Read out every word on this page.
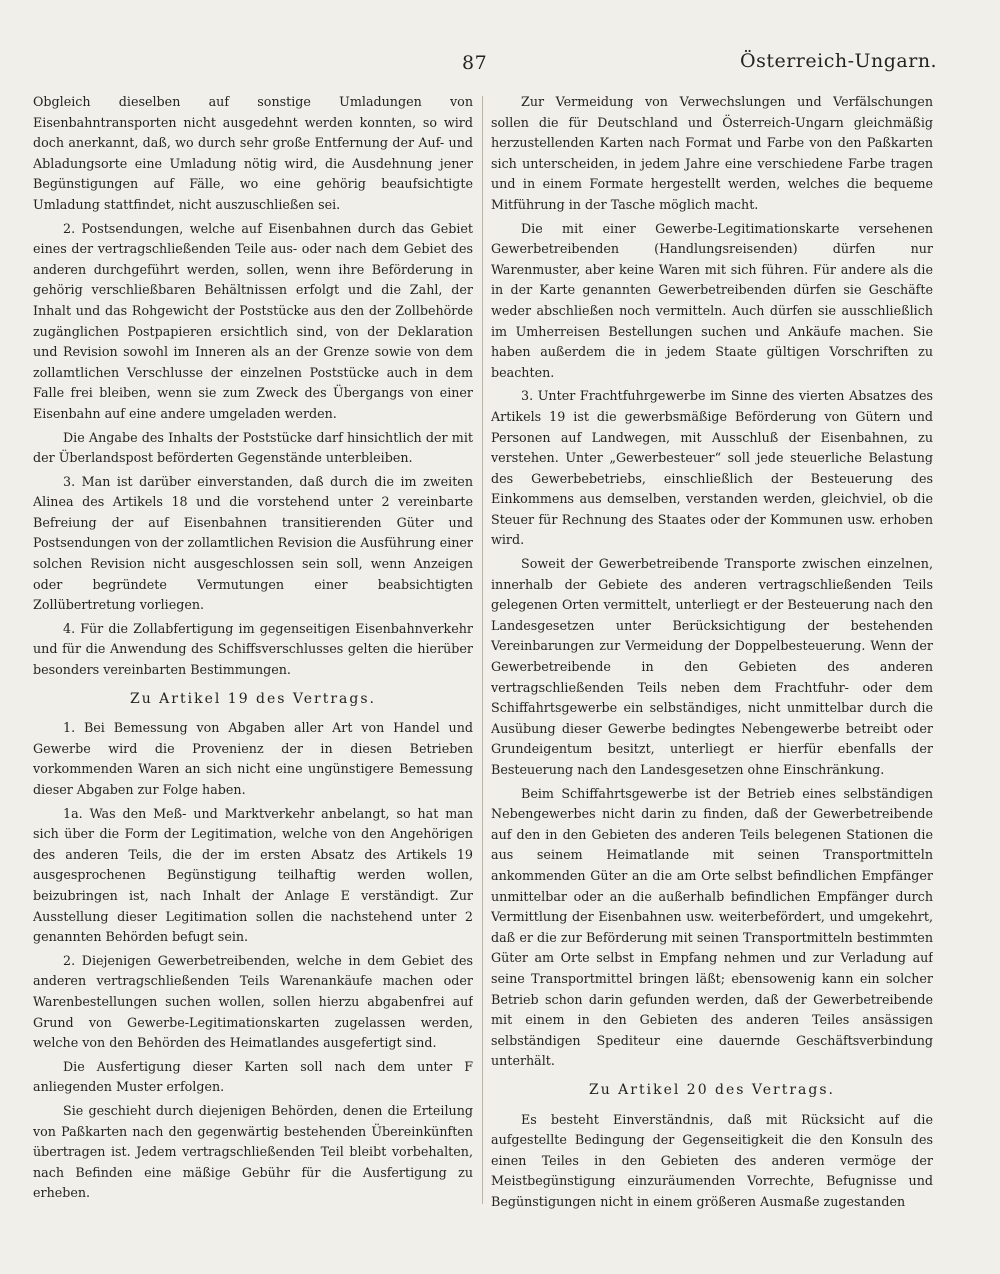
87	Österreich-Ungarn.

Obgleich dieselben auf sonstige Umladungen von Eisenbahntransporten nicht ausgedehnt werden konnten, so wird doch anerkannt, daß, wo durch sehr große Entfernung der Auf- und Abladungsorte eine Umladung nötig wird, die Ausdehnung jener Begünstigungen auf Fälle, wo eine gehörig beaufsichtigte Umladung stattfindet, nicht auszuschließen sei.

2. Postsendungen, welche auf Eisenbahnen durch das Gebiet eines der vertragschließenden Teile aus- oder nach dem Gebiet des anderen durchgeführt werden, sollen, wenn ihre Beförderung in gehörig verschließbaren Behältnissen erfolgt und die Zahl, der Inhalt und das Rohgewicht der Poststücke aus den der Zollbehörde zugänglichen Postpapieren ersichtlich sind, von der Deklaration und Revision sowohl im Inneren als an der Grenze sowie von dem zollamtlichen Verschlusse der einzelnen Poststücke auch in dem Falle frei bleiben, wenn sie zum Zweck des Übergangs von einer Eisenbahn auf eine andere umgeladen werden.

Die Angabe des Inhalts der Poststücke darf hinsichtlich der mit der Überlandspost beförderten Gegenstände unterbleiben.

3. Man ist darüber einverstanden, daß durch die im zweiten Alinea des Artikels 18 und die vorstehend unter 2 vereinbarte Befreiung der auf Eisenbahnen transitierenden Güter und Postsendungen von der zollamtlichen Revision die Ausführung einer solchen Revision nicht ausgeschlossen sein soll, wenn Anzeigen oder begründete Vermutungen einer beabsichtigten Zollübertretung vorliegen.

4. Für die Zollabfertigung im gegenseitigen Eisenbahnverkehr und für die Anwendung des Schiffsverschlusses gelten die hierüber besonders vereinbarten Bestimmungen.

Zu Artikel 19 des Vertrags.

1. Bei Bemessung von Abgaben aller Art von Handel und Gewerbe wird die Provenienz der in diesen Betrieben vorkommenden Waren an sich nicht eine ungünstigere Bemessung dieser Abgaben zur Folge haben.

1a. Was den Meß- und Marktverkehr anbelangt, so hat man sich über die Form der Legitimation, welche von den Angehörigen des anderen Teils, die der im ersten Absatz des Artikels 19 ausgesprochenen Begünstigung teilhaftig werden wollen, beizubringen ist, nach Inhalt der Anlage E verständigt. Zur Ausstellung dieser Legitimation sollen die nachstehend unter 2 genannten Behörden befugt sein.

2. Diejenigen Gewerbetreibenden, welche in dem Gebiet des anderen vertragschließenden Teils Warenankäufe machen oder Warenbestellungen suchen wollen, sollen hierzu abgabenfrei auf Grund von Gewerbe-Legitimationskarten zugelassen werden, welche von den Behörden des Heimatlandes ausgefertigt sind.

Die Ausfertigung dieser Karten soll nach dem unter F anliegenden Muster erfolgen.

Sie geschieht durch diejenigen Behörden, denen die Erteilung von Paßkarten nach den gegenwärtig bestehenden Übereinkünften übertragen ist. Jedem vertragschließenden Teil bleibt vorbehalten, nach Befinden eine mäßige Gebühr für die Ausfertigung zu erheben.

Zur Vermeidung von Verwechslungen und Verfälschungen sollen die für Deutschland und Österreich-Ungarn gleichmäßig herzustellenden Karten nach Format und Farbe von den Paßkarten sich unterscheiden, in jedem Jahre eine verschiedene Farbe tragen und in einem Formate hergestellt werden, welches die bequeme Mitführung in der Tasche möglich macht.

Die mit einer Gewerbe-Legitimationskarte versehenen Gewerbetreibenden (Handlungsreisenden) dürfen nur Warenmuster, aber keine Waren mit sich führen. Für andere als die in der Karte genannten Gewerbetreibenden dürfen sie Geschäfte weder abschließen noch vermitteln. Auch dürfen sie ausschließlich im Umherreisen Bestellungen suchen und Ankäufe machen. Sie haben außerdem die in jedem Staate gültigen Vorschriften zu beachten.

3. Unter Frachtfuhrgewerbe im Sinne des vierten Absatzes des Artikels 19 ist die gewerbsmäßige Beförderung von Gütern und Personen auf Landwegen, mit Ausschluß der Eisenbahnen, zu verstehen. Unter „Gewerbesteuer“ soll jede steuerliche Belastung des Gewerbebetriebs, einschließlich der Besteuerung des Einkommens aus demselben, verstanden werden, gleichviel, ob die Steuer für Rechnung des Staates oder der Kommunen usw. erhoben wird.

Soweit der Gewerbetreibende Transporte zwischen einzelnen, innerhalb der Gebiete des anderen vertragschließenden Teils gelegenen Orten vermittelt, unterliegt er der Besteuerung nach den Landesgesetzen unter Berücksichtigung der bestehenden Vereinbarungen zur Vermeidung der Doppelbesteuerung. Wenn der Gewerbetreibende in den Gebieten des anderen vertragschließenden Teils neben dem Frachtfuhr- oder dem Schiffahrtsgewerbe ein selbständiges, nicht unmittelbar durch die Ausübung dieser Gewerbe bedingtes Nebengewerbe betreibt oder Grundeigentum besitzt, unterliegt er hierfür ebenfalls der Besteuerung nach den Landesgesetzen ohne Einschränkung.

Beim Schiffahrtsgewerbe ist der Betrieb eines selbständigen Nebengewerbes nicht darin zu finden, daß der Gewerbetreibende auf den in den Gebieten des anderen Teils belegenen Stationen die aus seinem Heimatlande mit seinen Transportmitteln ankommenden Güter an die am Orte selbst befindlichen Empfänger unmittelbar oder an die außerhalb befindlichen Empfänger durch Vermittlung der Eisenbahnen usw. weiterbefördert, und umgekehrt, daß er die zur Beförderung mit seinen Transportmitteln bestimmten Güter am Orte selbst in Empfang nehmen und zur Verladung auf seine Transportmittel bringen läßt; ebensowenig kann ein solcher Betrieb schon darin gefunden werden, daß der Gewerbetreibende mit einem in den Gebieten des anderen Teiles ansässigen selbständigen Spediteur eine dauernde Geschäftsverbindung unterhält.

Zu Artikel 20 des Vertrags.

Es besteht Einverständnis, daß mit Rücksicht auf die aufgestellte Bedingung der Gegenseitigkeit die den Konsuln des einen Teiles in den Gebieten des anderen vermöge der Meistbegünstigung einzuräumenden Vorrechte, Befugnisse und Begünstigungen nicht in einem größeren Ausmaße zugestanden
